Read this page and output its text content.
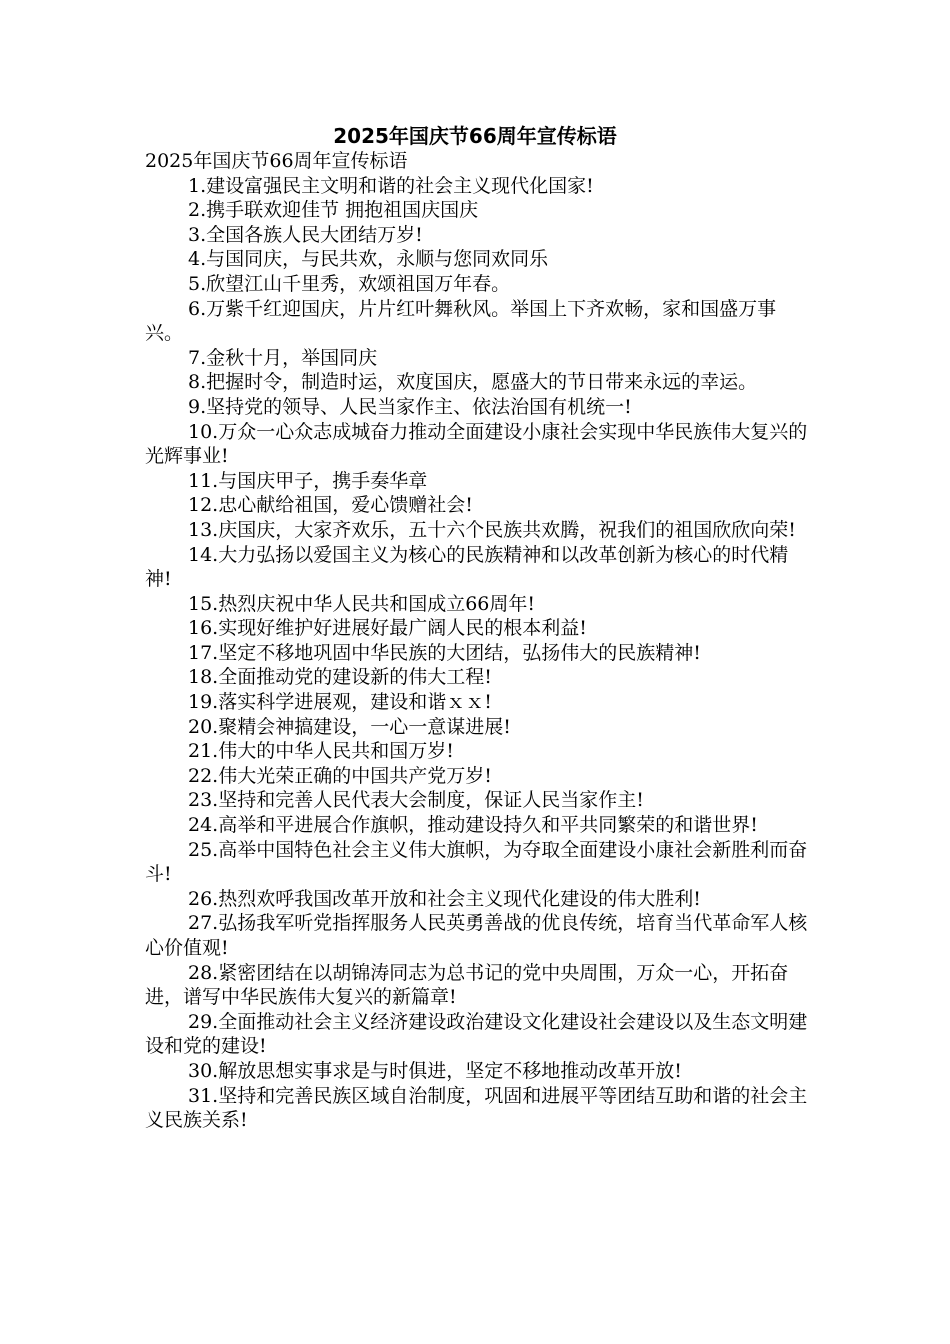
2025年国庆节66周年宣传标语

2025年国庆节66周年宣传标语

1.建设富强民主文明和谐的社会主义现代化国家!
2.携手联欢迎佳节 拥抱祖国庆国庆
3.全国各族人民大团结万岁!
4.与国同庆，与民共欢，永顺与您同欢同乐
5.欣望江山千里秀，欢颂祖国万年春。
6.万紫千红迎国庆，片片红叶舞秋风。举国上下齐欢畅，家和国盛万事兴。
7.金秋十月，举国同庆
8.把握时令，制造时运，欢度国庆，愿盛大的节日带来永远的幸运。
9.坚持党的领导、人民当家作主、依法治国有机统一!
10.万众一心众志成城奋力推动全面建设小康社会实现中华民族伟大复兴的光辉事业!
11.与国庆甲子，携手奏华章
12.忠心献给祖国，爱心馈赠社会!
13.庆国庆，大家齐欢乐，五十六个民族共欢腾，祝我们的祖国欣欣向荣!
14.大力弘扬以爱国主义为核心的民族精神和以改革创新为核心的时代精神!
15.热烈庆祝中华人民共和国成立66周年!
16.实现好维护好进展好最广阔人民的根本利益!
17.坚定不移地巩固中华民族的大团结，弘扬伟大的民族精神!
18.全面推动党的建设新的伟大工程!
19.落实科学进展观，建设和谐ｘｘ!
20.聚精会神搞建设，一心一意谋进展!
21.伟大的中华人民共和国万岁!
22.伟大光荣正确的中国共产党万岁!
23.坚持和完善人民代表大会制度，保证人民当家作主!
24.高举和平进展合作旗帜，推动建设持久和平共同繁荣的和谐世界!
25.高举中国特色社会主义伟大旗帜，为夺取全面建设小康社会新胜利而奋斗!
26.热烈欢呼我国改革开放和社会主义现代化建设的伟大胜利!
27.弘扬我军听党指挥服务人民英勇善战的优良传统，培育当代革命军人核心价值观!
28.紧密团结在以胡锦涛同志为总书记的党中央周围，万众一心，开拓奋进，谱写中华民族伟大复兴的新篇章!
29.全面推动社会主义经济建设政治建设文化建设社会建设以及生态文明建设和党的建设!
30.解放思想实事求是与时俱进，坚定不移地推动改革开放!
31.坚持和完善民族区域自治制度，巩固和进展平等团结互助和谐的社会主义民族关系!
